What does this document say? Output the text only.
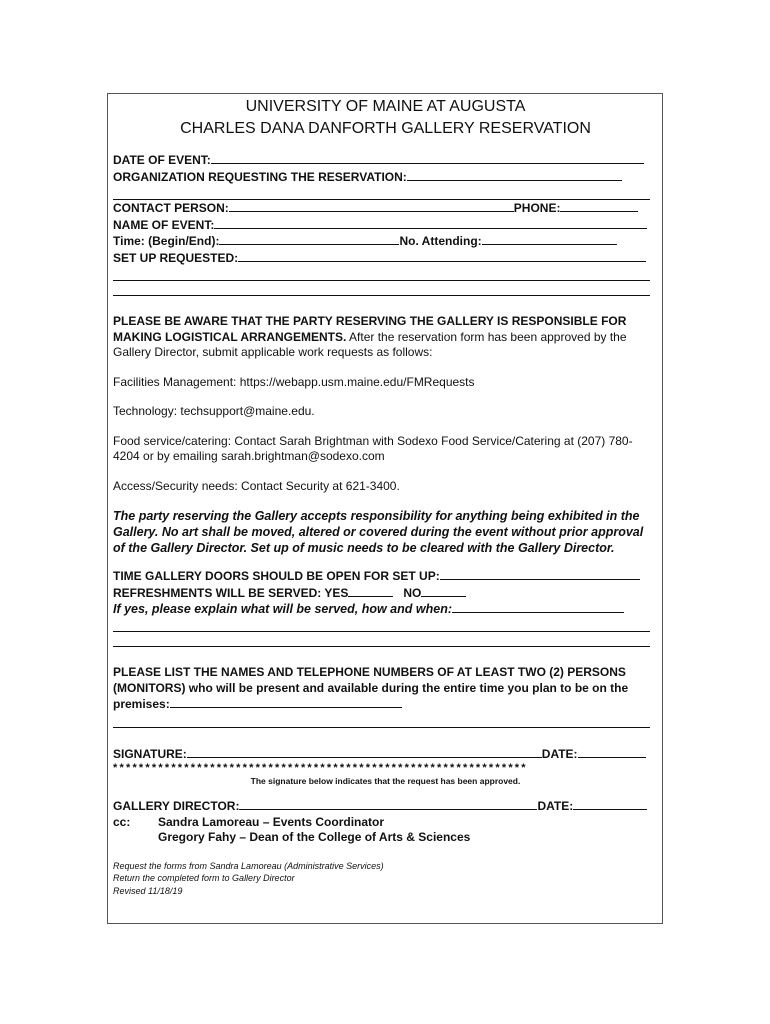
UNIVERSITY OF MAINE AT AUGUSTA
CHARLES DANA DANFORTH GALLERY RESERVATION
DATE OF EVENT:
ORGANIZATION REQUESTING THE RESERVATION:
CONTACT PERSON:	PHONE:
NAME OF EVENT:
Time: (Begin/End):	No. Attending:
SET UP REQUESTED:
PLEASE BE AWARE THAT THE PARTY RESERVING THE GALLERY IS RESPONSIBLE FOR MAKING LOGISTICAL ARRANGEMENTS. After the reservation form has been approved by the Gallery Director, submit applicable work requests as follows:
Facilities Management: https://webapp.usm.maine.edu/FMRequests
Technology: techsupport@maine.edu.
Food service/catering: Contact Sarah Brightman with Sodexo Food Service/Catering at (207) 780-4204 or by emailing sarah.brightman@sodexo.com
Access/Security needs: Contact Security at 621-3400.
The party reserving the Gallery accepts responsibility for anything being exhibited in the Gallery. No art shall be moved, altered or covered during the event without prior approval of the Gallery Director. Set up of music needs to be cleared with the Gallery Director.
TIME GALLERY DOORS SHOULD BE OPEN FOR SET UP:
REFRESHMENTS WILL BE SERVED: YES	NO
If yes, please explain what will be served, how and when:
PLEASE LIST THE NAMES AND TELEPHONE NUMBERS OF AT LEAST TWO (2) PERSONS (MONITORS) who will be present and available during the entire time you plan to be on the premises:
SIGNATURE:	DATE:
****************************************************************
The signature below indicates that the request has been approved.
GALLERY DIRECTOR:	DATE:
cc:	Sandra Lamoreau – Events Coordinator
Gregory Fahy – Dean of the College of Arts & Sciences
Request the forms from Sandra Lamoreau (Administrative Services)
Return the completed form to Gallery Director
Revised 11/18/19
